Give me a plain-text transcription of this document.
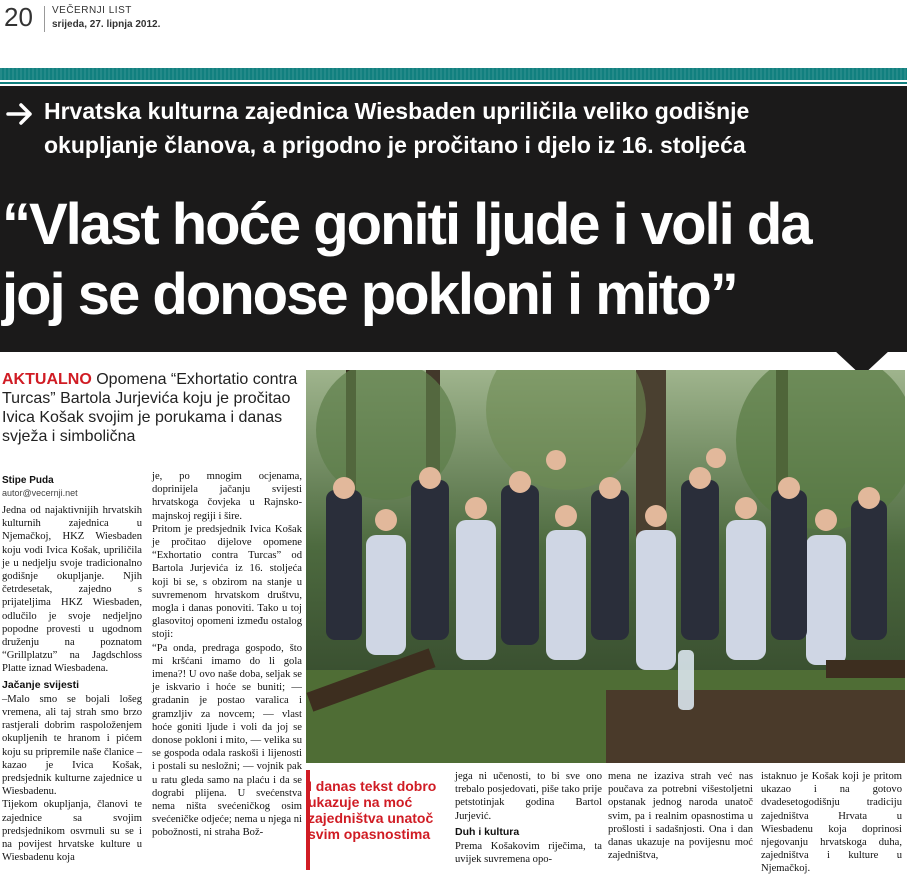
20 VEČERNJI LIST
srijeda, 27. lipnja 2012.
Hrvatska kulturna zajednica Wiesbaden upriličila veliko godišnje
okupljanje članova, a prigodno je pročitano i djelo iz 16. stoljeća
“Vlast hoće goniti ljude i voli da
joj se donose pokloni i mito”
AKTUALNO Opomena “Exhortatio contra Turcas” Bartola Jurjevića koju je pročitao Ivica Košak svojim je porukama i danas svježa i simbolična
Stipe Puda
autor@vecernji.net

Jedna od najaktivnijih hrvatskih kulturnih zajednica u Njemačkoj, HKZ Wiesbaden koju vodi Ivica Košak, upriličila je u nedjelju svoje tradicionalno godišnje okupljanje. Njih četrdesetak, zajedno s prijateljima HKZ Wiesbaden, odlučilo je svoje nedjeljno popodne provesti u ugodnom druženju na poznatom “Grillplatzu” na Jagdschloss Platte iznad Wiesbadena.

Jačanje svijesti

–Malo smo se bojali lošeg vremena, ali taj strah smo brzo rastjerali dobrim raspoloženjem okupljenih te hranom i pićem koju su pripremile naše članice – kazao je Ivica Košak, predsjednik kulturne zajednice u Wiesbadenu.

Tijekom okupljanja, članovi te zajednice sa svojim predsjednikom osvrnuli su se i na povijest hrvatske kulture u Wiesbadenu koja

je, po mnogim ocjenama, doprinijela jačanju svijesti hrvatskoga čovjeka u Rajnsko-majnskoj regiji i šire.

Pritom je predsjednik Ivica Košak je pročitao dijelove opomene “Exhortatio contra Turcas” od Bartola Jurjevića iz 16. stoljeća koji bi se, s obzirom na stanje u suvremenom hrvatskom društvu, mogla i danas ponoviti. Tako u toj glasovitoj opomeni između ostalog stoji:

“Pa onda, predraga gospodo, što mi kršćani imamo do li gola imena?! U ovo naše doba, seljak se je iskvario i hoće se buniti; — gradanin je postao varalica i gramzljiv za novcem; — vlast hoće goniti ljude i voli da joj se donose pokloni i mito, — velika su se gospoda odala raskoši i lijenosti i postali su nesložni; — vojnik pak u ratu gleda samo na plaću i da se dograbi plijena. U svećenstva nema ništa svećeničkog osim svećeničke odjeće; nema u njega ni pobožnosti, ni straha Bož-

I danas tekst dobro ukazuje na moć zajedništva unatoč svim opasnostima

jega ni učenosti, to bi sve ono trebalo posjedovati, piše tako prije petstotinjak godina Bartol Jurjević.

Duh i kultura

Prema Košakovim riječima, ta uvijek suvremena opo-

mena ne izaziva strah već nas poučava za potrebni višestoljetni opstanak jednog naroda unatoč svim, pa i realnim opasnostima u prošlosti i sadašnjosti. Ona i dan danas ukazuje na povijesnu moć zajedništva,

istaknuo je Košak koji je pritom ukazao i na gotovo dvadesetogodišnju tradiciju zajedništva Hrvata u Wiesbadenu koja doprinosi njegovanju hrvatskoga duha, zajedništva i kulture u Njemačkoj.
